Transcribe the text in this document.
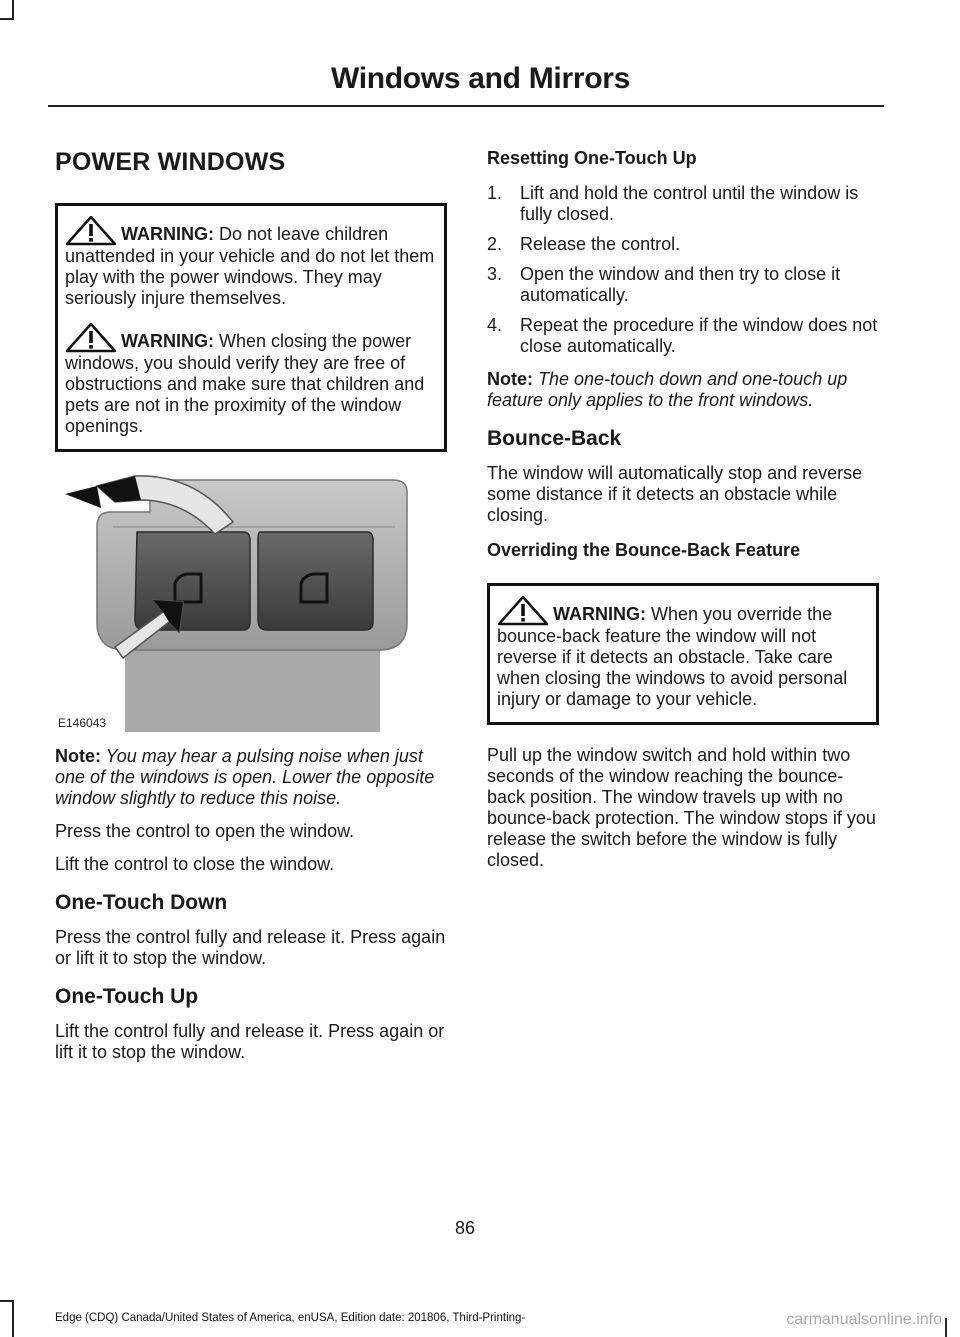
Windows and Mirrors
POWER WINDOWS
WARNING: Do not leave children unattended in your vehicle and do not let them play with the power windows. They may seriously injure themselves.
WARNING: When closing the power windows, you should verify they are free of obstructions and make sure that children and pets are not in the proximity of the window openings.
E146043

Note: You may hear a pulsing noise when just one of the windows is open. Lower the opposite window slightly to reduce this noise.

Press the control to open the window.

Lift the control to close the window.

One-Touch Down

Press the control fully and release it. Press again or lift it to stop the window.

One-Touch Up

Lift the control fully and release it. Press again or lift it to stop the window.

Resetting One-Touch Up
1. Lift and hold the control until the window is fully closed.
2. Release the control.
3. Open the window and then try to close it automatically.
4. Repeat the procedure if the window does not close automatically.

Note: The one-touch down and one-touch up feature only applies to the front windows.

Bounce-Back

The window will automatically stop and reverse some distance if it detects an obstacle while closing.

Overriding the Bounce-Back Feature
WARNING: When you override the bounce-back feature the window will not reverse if it detects an obstacle. Take care when closing the windows to avoid personal injury or damage to your vehicle.

Pull up the window switch and hold within two seconds of the window reaching the bounce-back position. The window travels up with no bounce-back protection. The window stops if you release the switch before the window is fully closed.

86
Edge (CDQ) Canada/United States of America, enUSA, Edition date: 201806, Third-Printing-	carmanualsonline.info
